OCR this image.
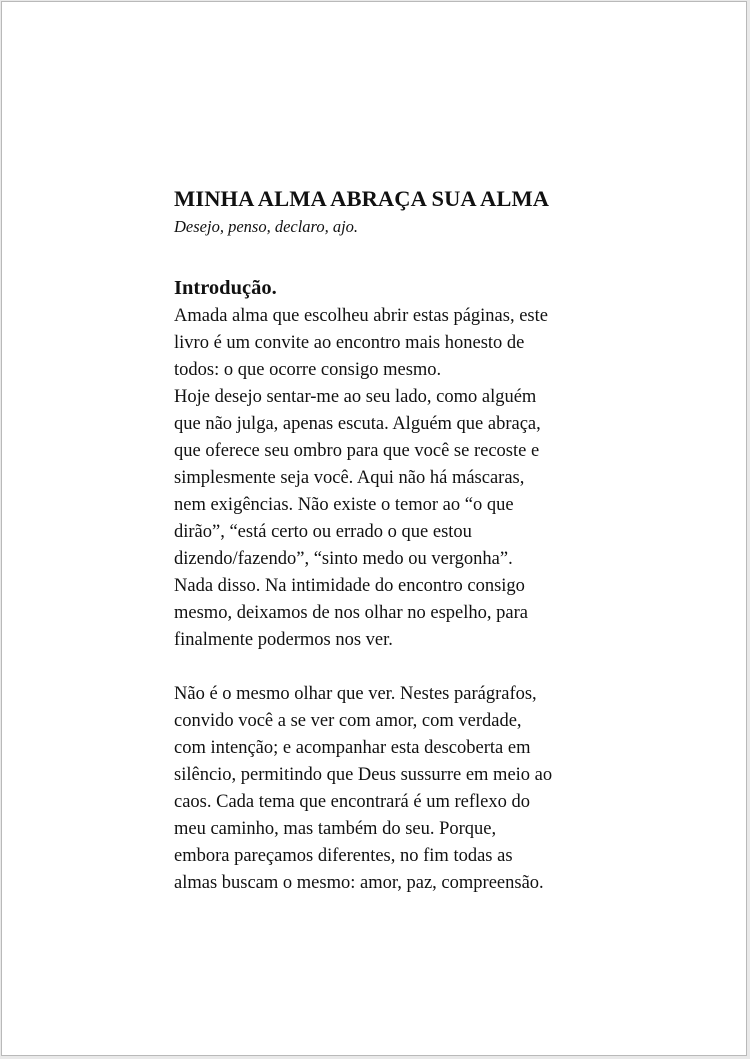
MINHA ALMA ABRAÇA SUA ALMA

Desejo, penso, declaro, ajo.

Introdução.

Amada alma que escolheu abrir estas páginas, este
livro é um convite ao encontro mais honesto de
todos: o que ocorre consigo mesmo.
Hoje desejo sentar-me ao seu lado, como alguém
que não julga, apenas escuta. Alguém que abraça,
que oferece seu ombro para que você se recoste e
simplesmente seja você. Aqui não há máscaras,
nem exigências. Não existe o temor ao “o que
dirão”, “está certo ou errado o que estou
dizendo/fazendo”, “sinto medo ou vergonha”.
Nada disso. Na intimidade do encontro consigo
mesmo, deixamos de nos olhar no espelho, para
finalmente podermos nos ver.

Não é o mesmo olhar que ver. Nestes parágrafos,
convido você a se ver com amor, com verdade,
com intenção; e acompanhar esta descoberta em
silêncio, permitindo que Deus sussurre em meio ao
caos. Cada tema que encontrará é um reflexo do
meu caminho, mas também do seu. Porque,
embora pareçamos diferentes, no fim todas as
almas buscam o mesmo: amor, paz, compreensão.
